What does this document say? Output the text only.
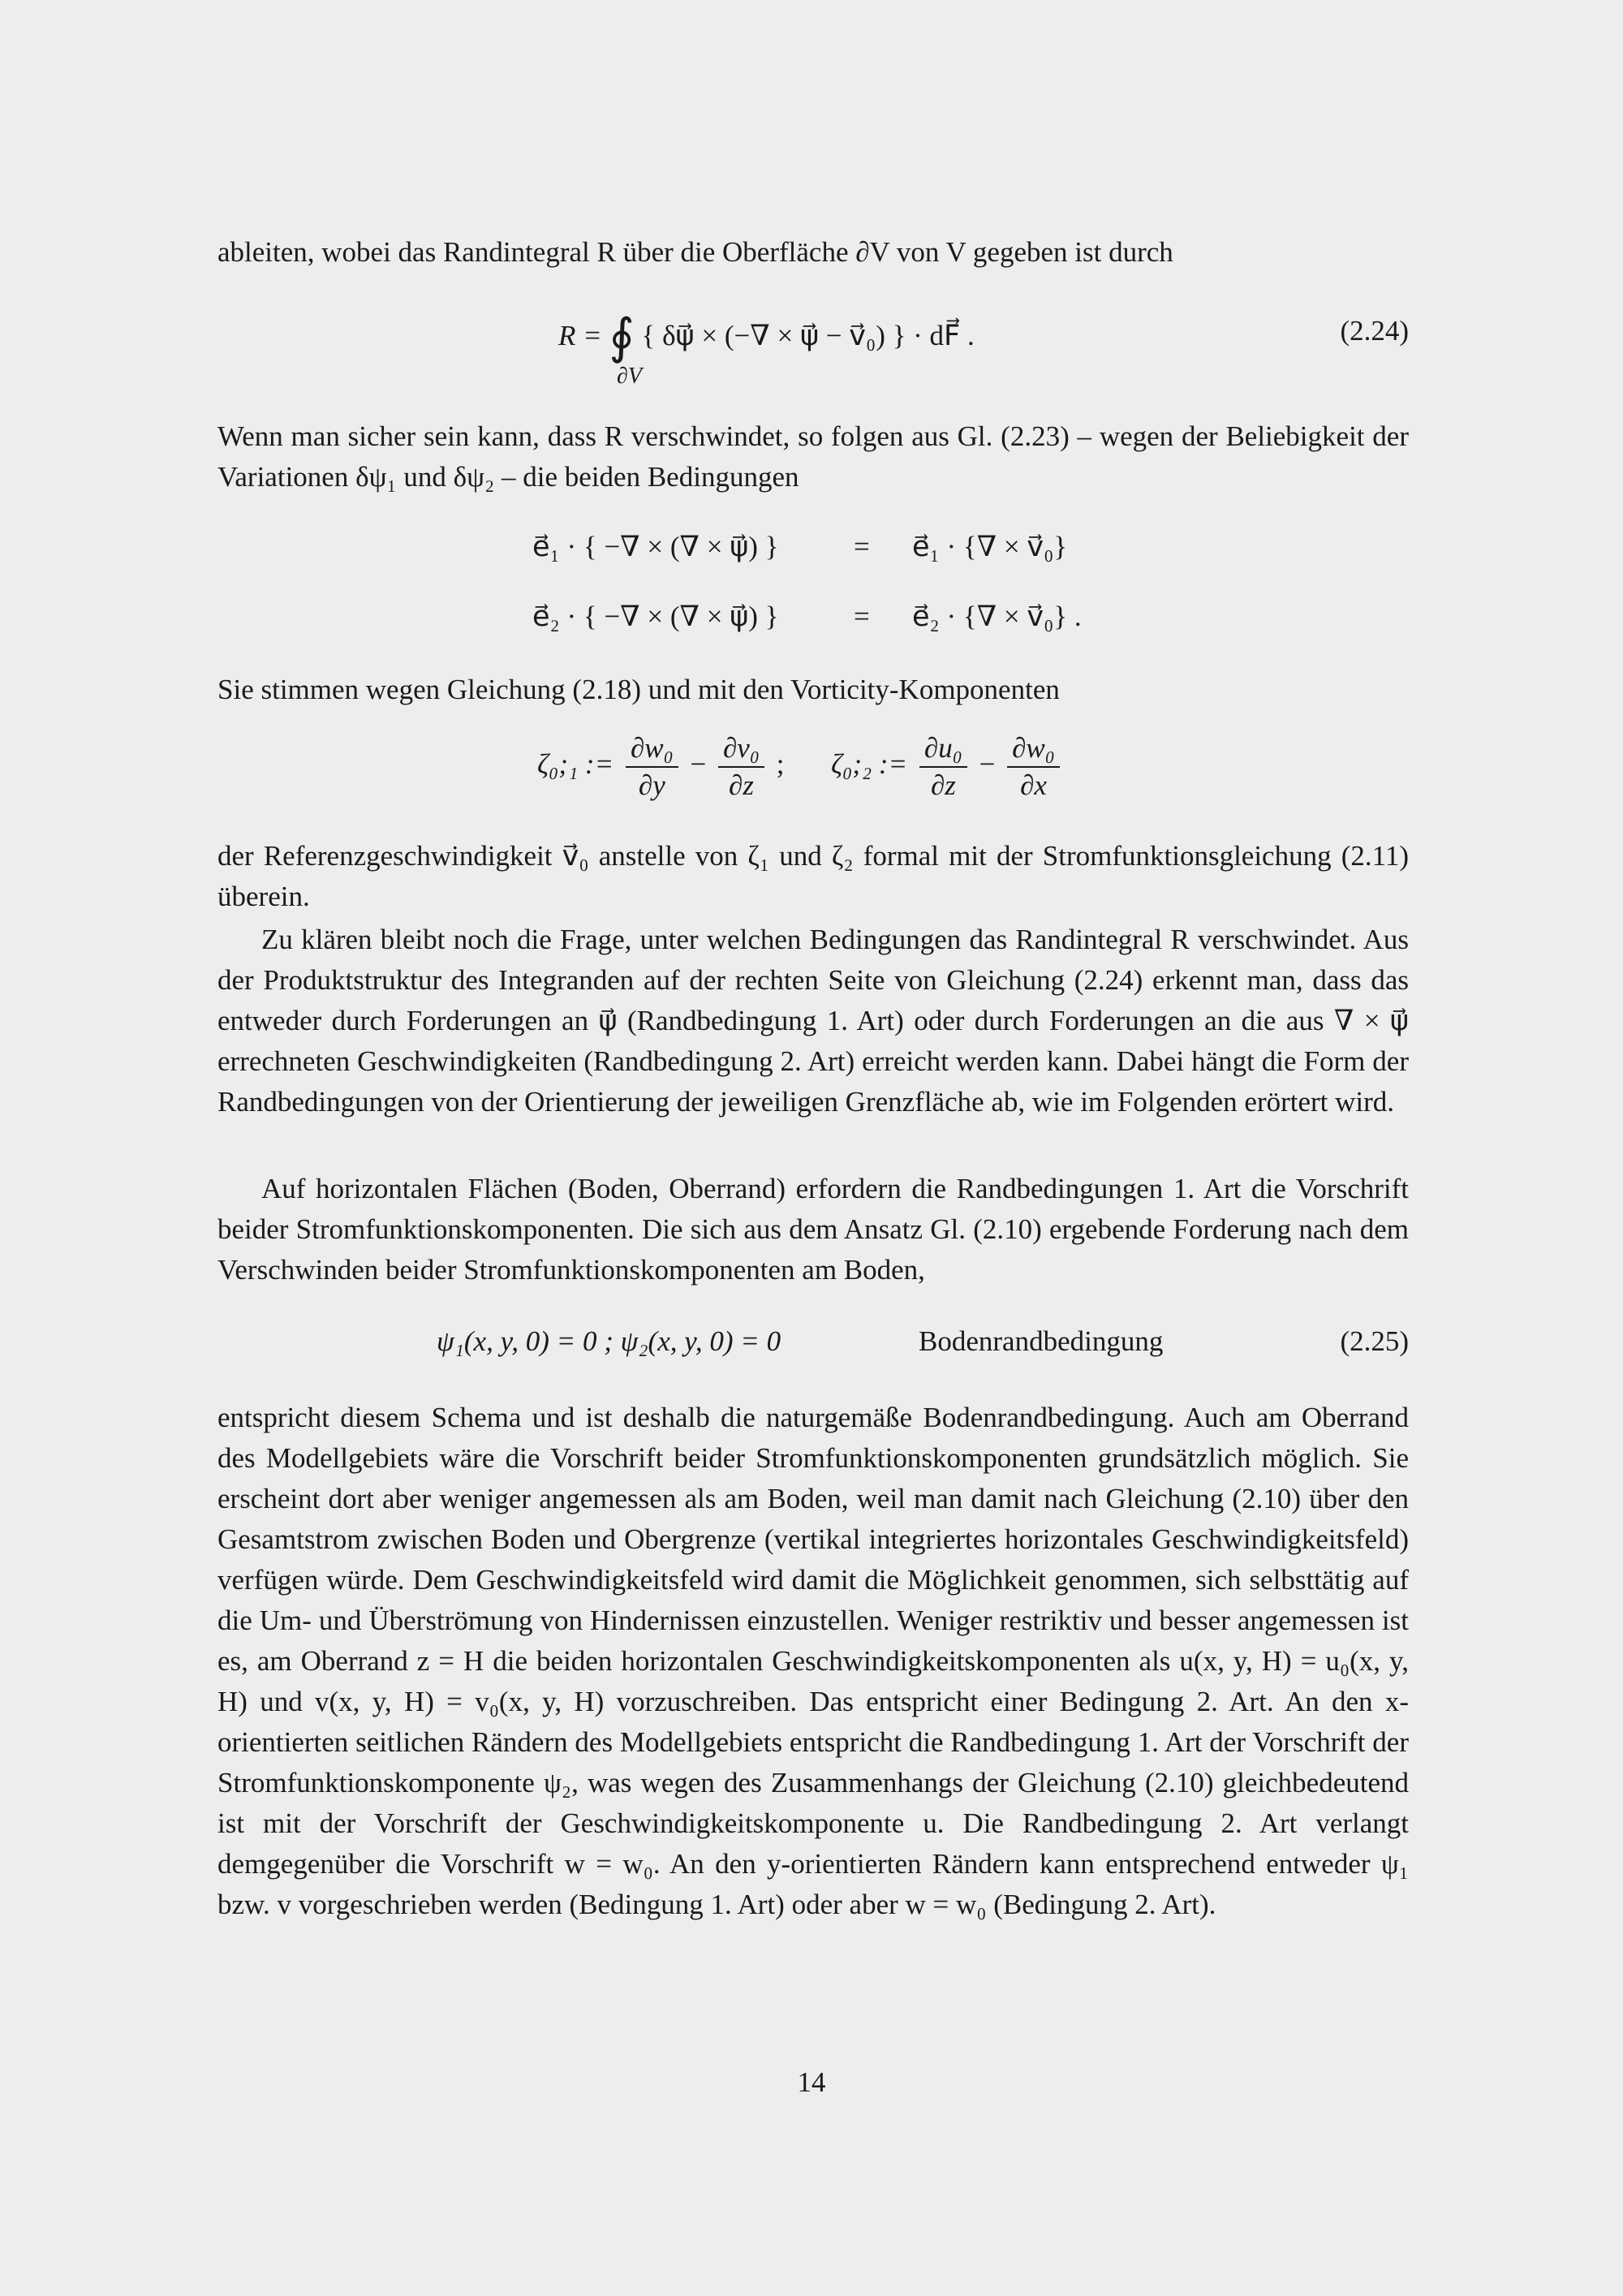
ableiten, wobei das Randintegral R über die Oberfläche ∂V von V gegeben ist durch
R = ∮ { δψ⃗ × (−∇ × ψ⃗ − v⃗₀) } · dF⃗ .
∂V
(2.24)
Wenn man sicher sein kann, dass R verschwindet, so folgen aus Gl. (2.23) – wegen der Beliebigkeit der Variationen δψ₁ und δψ₂ – die beiden Bedingungen
e⃗₁ · { −∇ × (∇ × ψ⃗) }	= e⃗₁ · {∇ × v⃗₀}
e⃗₂ · { −∇ × (∇ × ψ⃗) }	= e⃗₂ · {∇ × v⃗₀} .
Sie stimmen wegen Gleichung (2.18) und mit den Vorticity-Komponenten
ζ₀;₁ := $\frac{\text{∂w₀}}{\partial y} - \frac{\text{∂v₀}}{\partial z}$ ; ζ₀;₂ := $\frac{\text{∂u₀}}{\partial z} - \frac{\text{∂w₀}}{\partial x}$
der Referenzgeschwindigkeit v⃗₀ anstelle von ζ₁ und ζ₂ formal mit der Stromfunktionsgleichung (2.11) überein.
Zu klären bleibt noch die Frage, unter welchen Bedingungen das Randintegral R verschwindet. Aus der Produktstruktur des Integranden auf der rechten Seite von Gleichung (2.24) erkennt man, dass das entweder durch Forderungen an ψ⃗ (Randbedingung 1. Art) oder durch Forderungen an die aus ∇ × ψ⃗ errechneten Geschwindigkeiten (Randbedingung 2. Art) erreicht werden kann. Dabei hängt die Form der Randbedingungen von der Orientierung der jeweiligen Grenzfläche ab, wie im Folgenden erörtert wird.
Auf horizontalen Flächen (Boden, Oberrand) erfordern die Randbedingungen 1. Art die Vorschrift beider Stromfunktionskomponenten. Die sich aus dem Ansatz Gl. (2.10) ergebende Forderung nach dem Verschwinden beider Stromfunktionskomponenten am Boden,
ψ₁(x, y, 0) = 0 ; ψ₂(x, y, 0) = 0	Bodenrandbedingung	(2.25)
entspricht diesem Schema und ist deshalb die naturgemäße Bodenrandbedingung. Auch am Oberrand des Modellgebiets wäre die Vorschrift beider Stromfunktionskomponenten grundsätzlich möglich. Sie erscheint dort aber weniger angemessen als am Boden, weil man damit nach Gleichung (2.10) über den Gesamtstrom zwischen Boden und Obergrenze (vertikal integriertes horizontales Geschwindigkeitsfeld) verfügen würde. Dem Geschwindigkeitsfeld wird damit die Möglichkeit genommen, sich selbsttätig auf die Um- und Überströmung von Hindernissen einzustellen. Weniger restriktiv und besser angemessen ist es, am Oberrand z = H die beiden horizontalen Geschwindigkeitskomponenten als u(x, y, H) = u₀(x, y, H) und v(x, y, H) = v₀(x, y, H) vorzuschreiben. Das entspricht einer Bedingung 2. Art. An den x-orientierten seitlichen Rändern des Modellgebiets entspricht die Randbedingung 1. Art der Vorschrift der Stromfunktionskomponente ψ₂, was wegen des Zusammenhangs der Gleichung (2.10) gleichbedeutend ist mit der Vorschrift der Geschwindigkeitskomponente u. Die Randbedingung 2. Art verlangt demgegenüber die Vorschrift w = w₀. An den y-orientierten Rändern kann entsprechend entweder ψ₁ bzw. v vorgeschrieben werden (Bedingung 1. Art) oder aber w = w₀ (Bedingung 2. Art).
14
